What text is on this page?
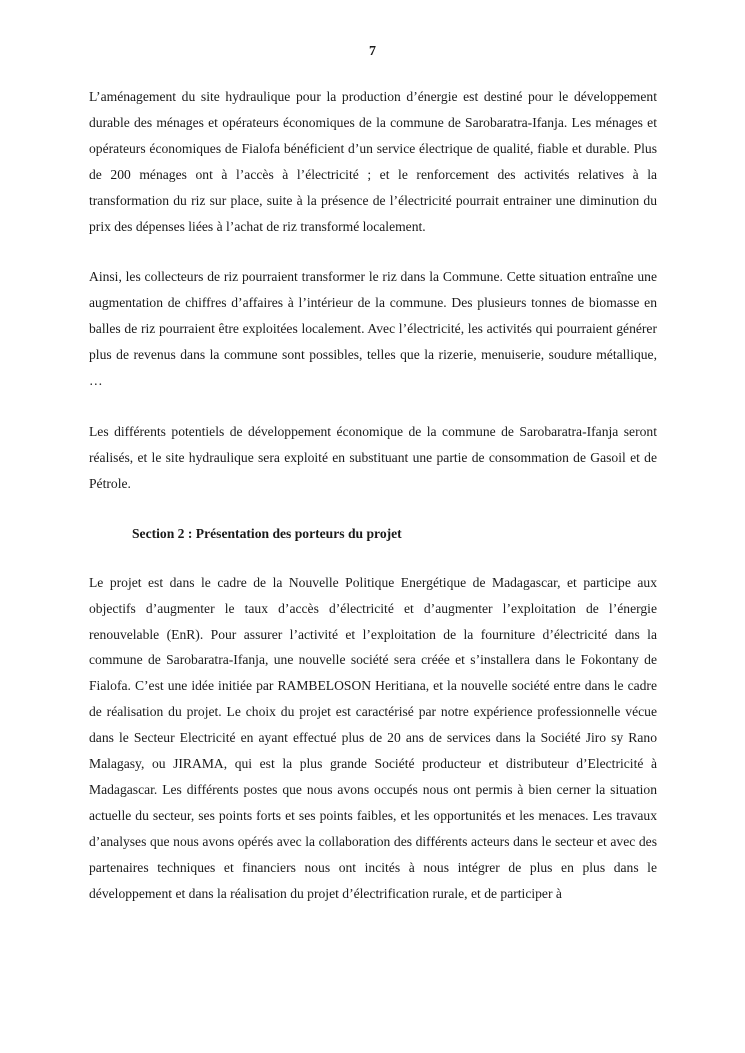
7

L’aménagement du site hydraulique pour la production d’énergie est destiné pour le développement durable des ménages et opérateurs économiques de la commune de Sarobaratra-Ifanja. Les ménages et opérateurs économiques de Fialofa bénéficient d’un service électrique de qualité, fiable et durable. Plus de 200 ménages ont à l’accès à l’électricité ; et le renforcement des activités relatives à la transformation du riz sur place, suite à la présence de l’électricité pourrait entrainer une diminution du prix des dépenses liées à l’achat de riz transformé localement.

Ainsi, les collecteurs de riz pourraient transformer le riz dans la Commune. Cette situation entraîne une augmentation de chiffres d’affaires à l’intérieur de la commune. Des plusieurs tonnes de biomasse en balles de riz pourraient être exploitées localement. Avec l’électricité, les activités qui pourraient générer plus de revenus dans la commune sont possibles, telles que la rizerie, menuiserie, soudure métallique, …

Les différents potentiels de développement économique de la commune de Sarobaratra-Ifanja seront réalisés, et le site hydraulique sera exploité en substituant une partie de consommation de Gasoil et de Pétrole.

Section 2 : Présentation des porteurs du projet

Le projet est dans le cadre de la Nouvelle Politique Energétique de Madagascar, et participe aux objectifs d’augmenter le taux d’accès d’électricité et d’augmenter l’exploitation de l’énergie renouvelable (EnR). Pour assurer l’activité et l’exploitation de la fourniture d’électricité dans la commune de Sarobaratra-Ifanja, une nouvelle société sera créée et s’installera dans le Fokontany de Fialofa. C’est une idée initiée par RAMBELOSON Heritiana, et la nouvelle société entre dans le cadre de réalisation du projet. Le choix du projet est caractérisé par notre expérience professionnelle vécue dans le Secteur Electricité en ayant effectué plus de 20 ans de services dans la Société Jiro sy Rano Malagasy, ou JIRAMA, qui est la plus grande Société producteur et distributeur d’Electricité à Madagascar. Les différents postes que nous avons occupés nous ont permis à bien cerner la situation actuelle du secteur, ses points forts et ses points faibles, et les opportunités et les menaces. Les travaux d’analyses que nous avons opérés avec la collaboration des différents acteurs dans le secteur et avec des partenaires techniques et financiers nous ont incités à nous intégrer de plus en plus dans le développement et dans la réalisation du projet d’électrification rurale, et de participer à
